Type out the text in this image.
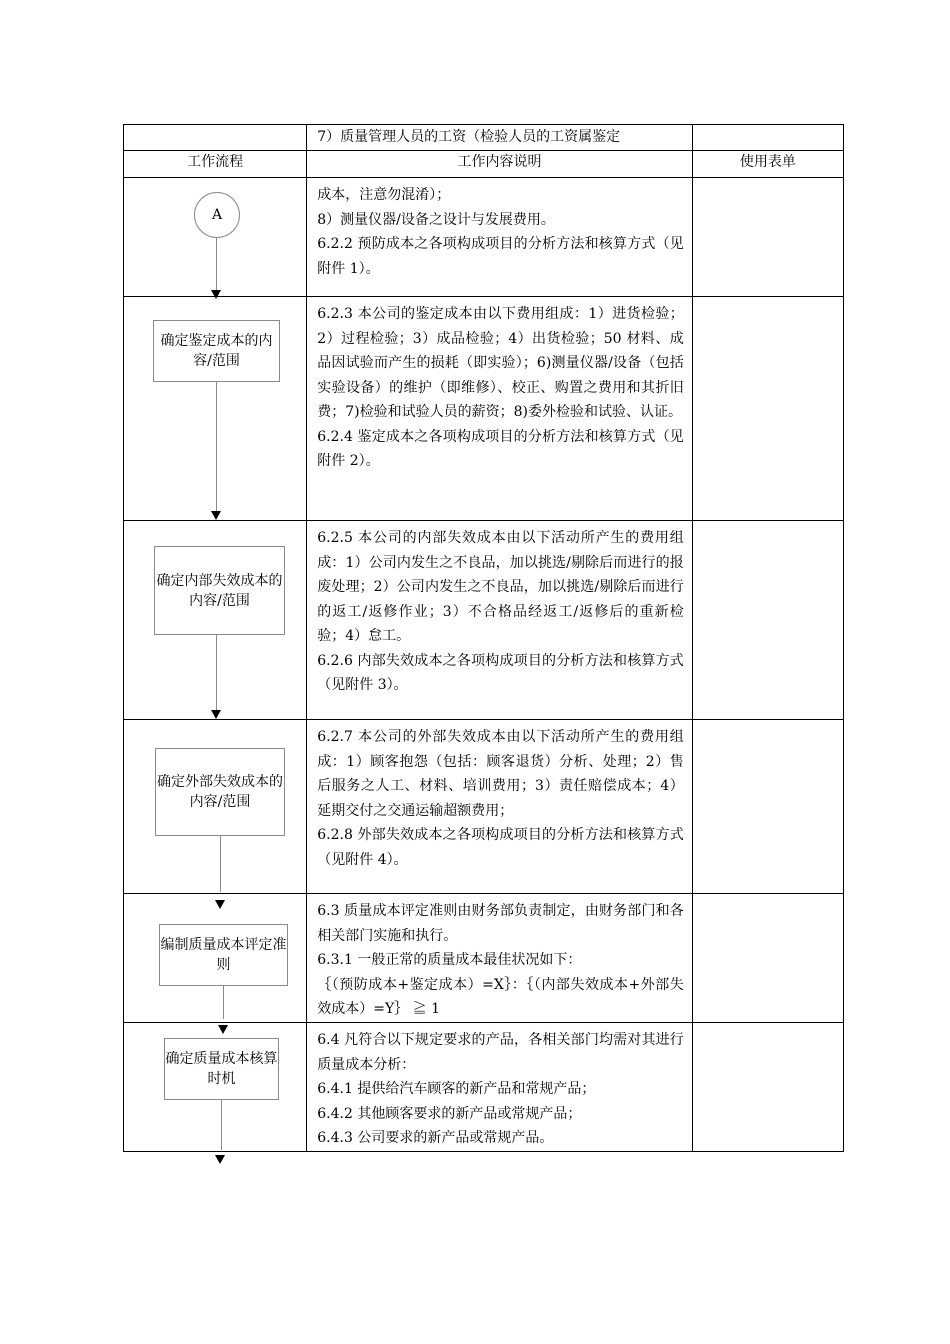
	7）质量管理人员的工资（检验人员的工资属鉴定	
工作流程	工作内容说明	使用表单

A	成本，注意勿混淆）；

8）测量仪器/设备之设计与发展费用。

6.2.2 预防成本之各项构成项目的分析方法和核算方式（见附件 1）。	

确定鉴定成本的内容/范围	6.2.3 本公司的鉴定成本由以下费用组成：1）进货检验；2）过程检验；3）成品检验；4）出货检验；50 材料、成品因试验而产生的损耗（即实验）；6)测量仪器/设备（包括实验设备）的维护（即维修）、校正、购置之费用和其折旧费；7)检验和试验人员的薪资；8)委外检验和试验、认证。

6.2.4 鉴定成本之各项构成项目的分析方法和核算方式（见附件 2）。	

确定内部失效成本的内容/范围	6.2.5 本公司的内部失效成本由以下活动所产生的费用组成：1）公司内发生之不良品，加以挑选/剔除后而进行的报废处理；2）公司内发生之不良品，加以挑选/剔除后而进行的返工/返修作业；3）不合格品经返工/返修后的重新检验；4）怠工。

6.2.6 内部失效成本之各项构成项目的分析方法和核算方式（见附件 3）。	

确定外部失效成本的内容/范围	6.2.7 本公司的外部失效成本由以下活动所产生的费用组成：1）顾客抱怨（包括：顾客退货）分析、处理；2）售后服务之人工、材料、培训费用；3）责任赔偿成本；4）延期交付之交通运输超额费用；

6.2.8 外部失效成本之各项构成项目的分析方法和核算方式（见附件 4）。	

编制质量成本评定准则	6.3 质量成本评定准则由财务部负责制定，由财务部门和各相关部门实施和执行。

6.3.1 一般正常的质量成本最佳状况如下：

｛（预防成本+鉴定成本）=X｝：｛（内部失效成本+外部失效成本）=Y｝ ≧ 1	

确定质量成本核算时机	6.4 凡符合以下规定要求的产品，各相关部门均需对其进行质量成本分析：

6.4.1 提供给汽车顾客的新产品和常规产品；

6.4.2 其他顾客要求的新产品或常规产品；

6.4.3 公司要求的新产品或常规产品。	
